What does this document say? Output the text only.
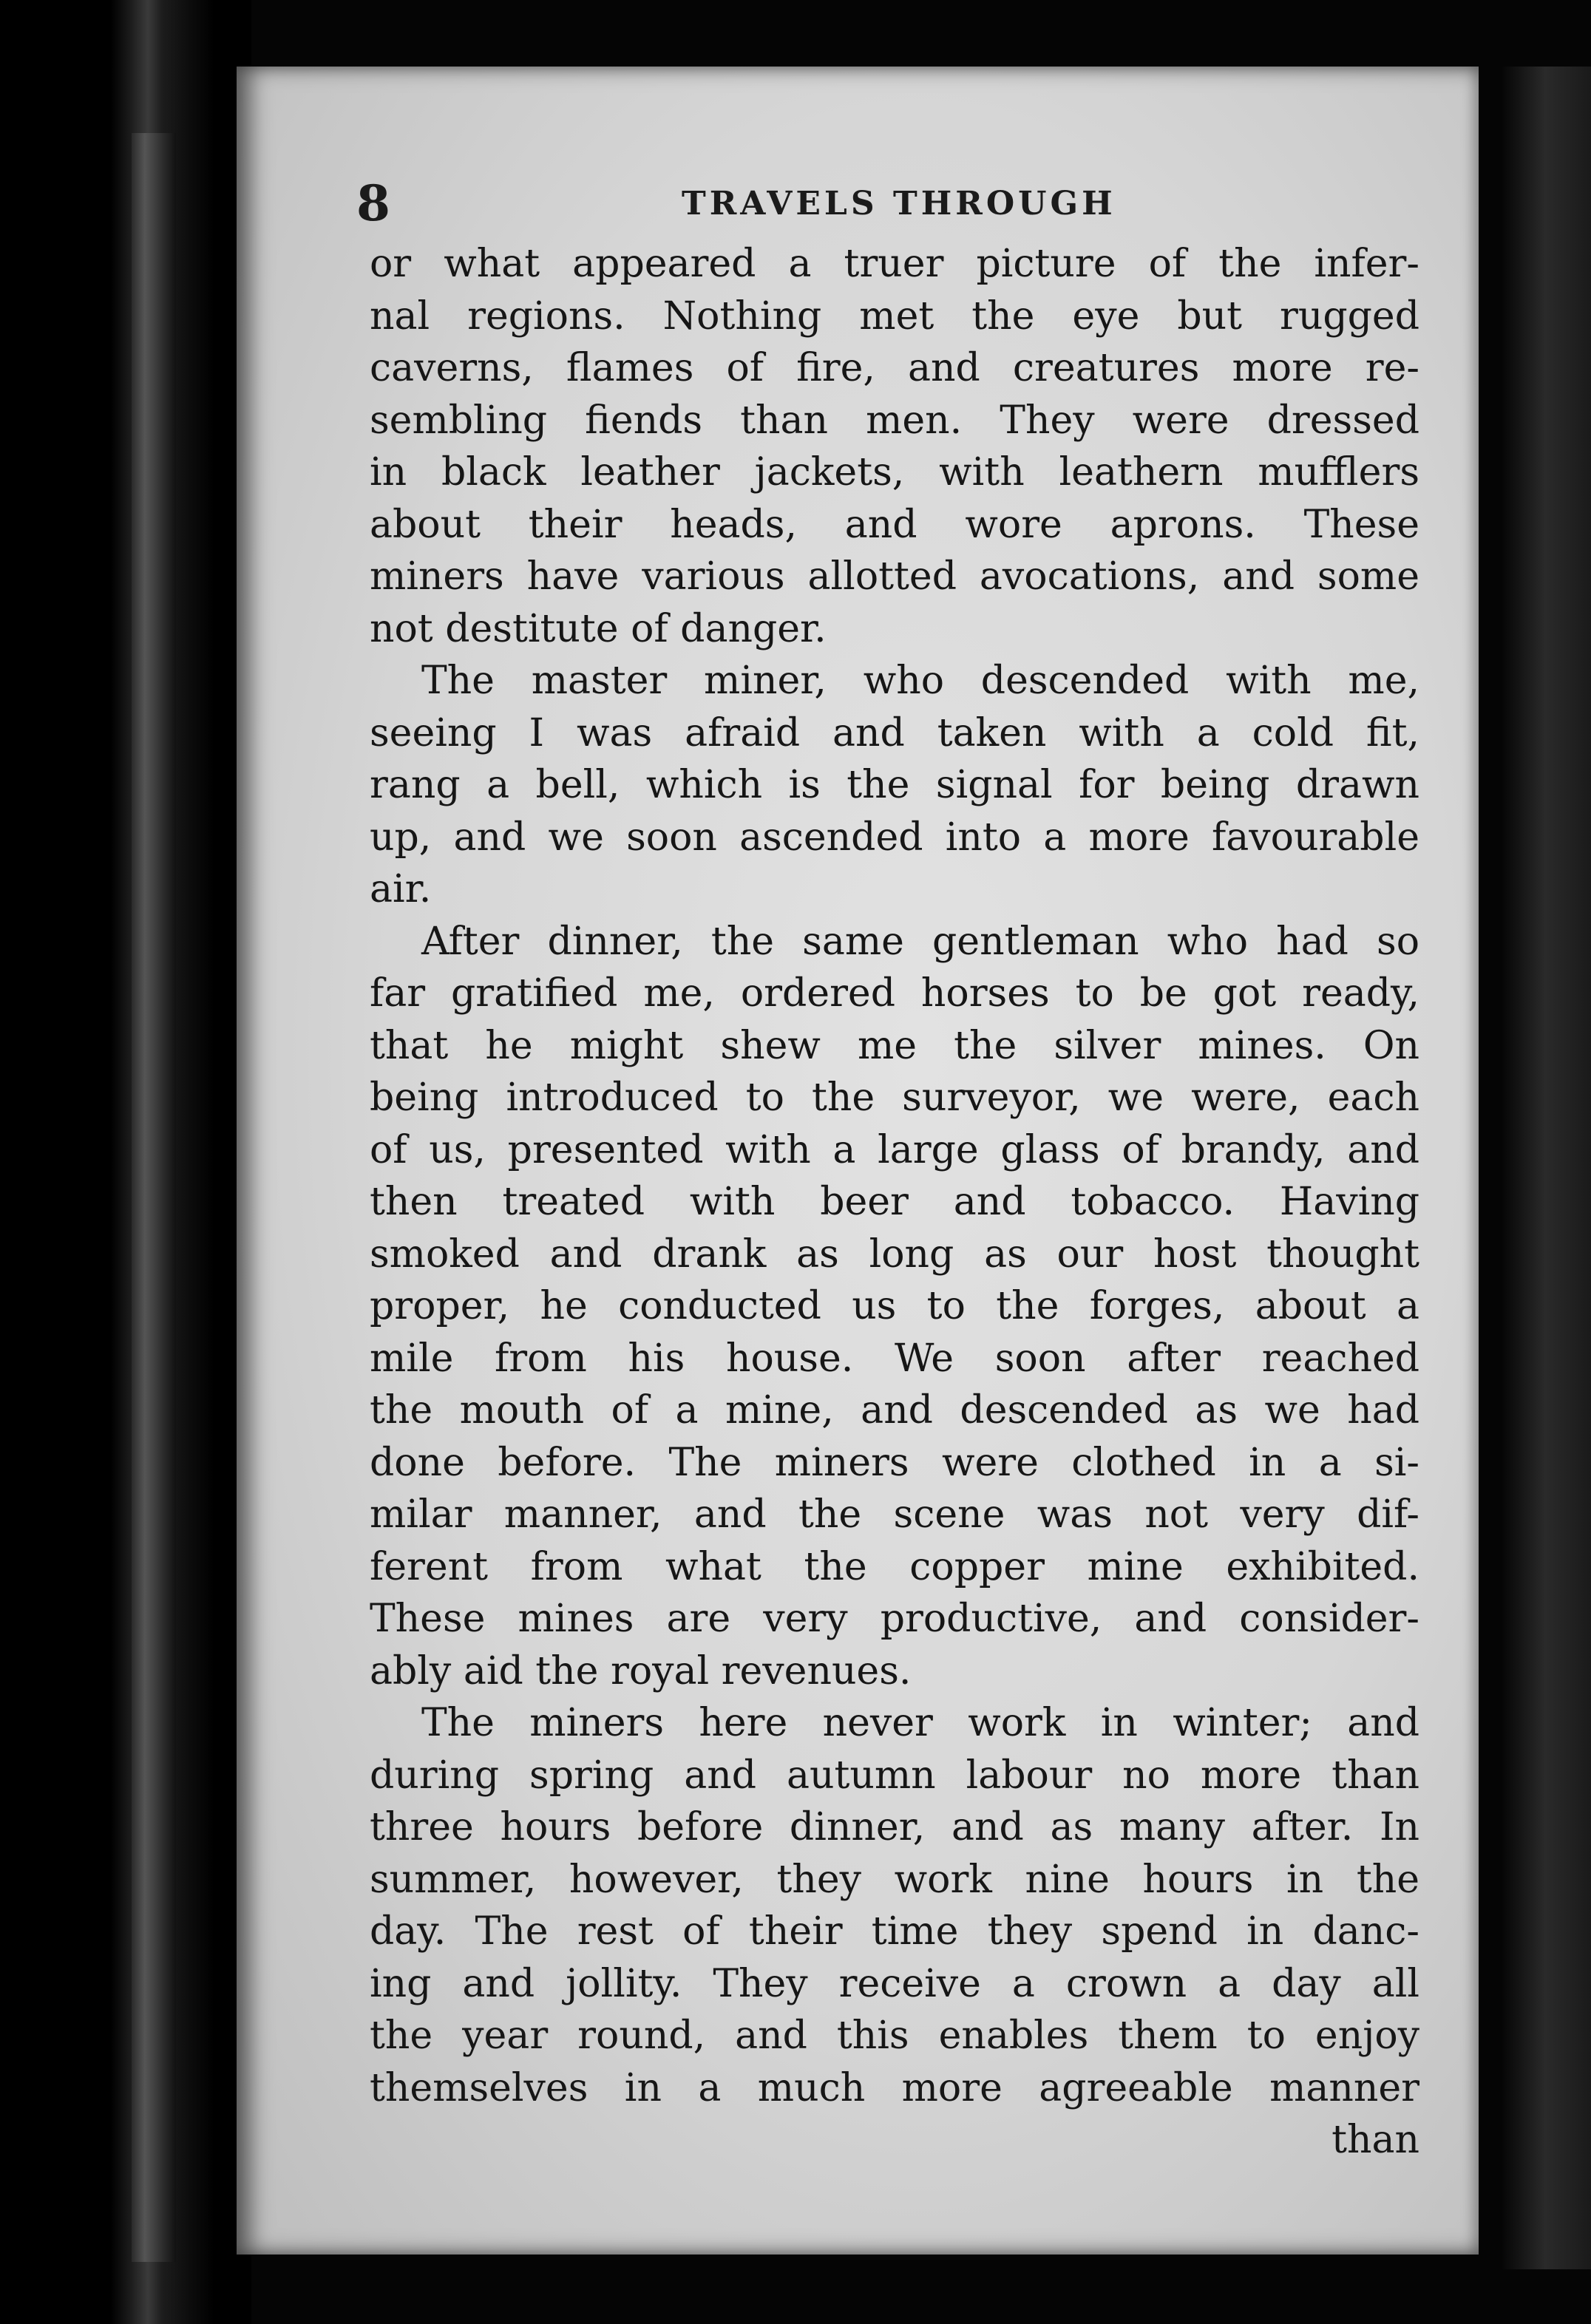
8	TRAVELS THROUGH
or what appeared a truer picture of the infer-
nal regions. Nothing met the eye but rugged
caverns, flames of fire, and creatures more re-
sembling fiends than men. They were dressed
in black leather jackets, with leathern mufflers
about their heads, and wore aprons. These
miners have various allotted avocations, and some
not destitute of danger.
The master miner, who descended with me,
seeing I was afraid and taken with a cold fit,
rang a bell, which is the signal for being drawn
up, and we soon ascended into a more favourable
air.
After dinner, the same gentleman who had so
far gratified me, ordered horses to be got ready,
that he might shew me the silver mines. On
being introduced to the surveyor, we were, each
of us, presented with a large glass of brandy, and
then treated with beer and tobacco. Having
smoked and drank as long as our host thought
proper, he conducted us to the forges, about a
mile from his house. We soon after reached
the mouth of a mine, and descended as we had
done before. The miners were clothed in a si-
milar manner, and the scene was not very dif-
ferent from what the copper mine exhibited.
These mines are very productive, and consider-
ably aid the royal revenues.
The miners here never work in winter; and
during spring and autumn labour no more than
three hours before dinner, and as many after. In
summer, however, they work nine hours in the
day. The rest of their time they spend in danc-
ing and jollity. They receive a crown a day all
the year round, and this enables them to enjoy
themselves in a much more agreeable manner
than
